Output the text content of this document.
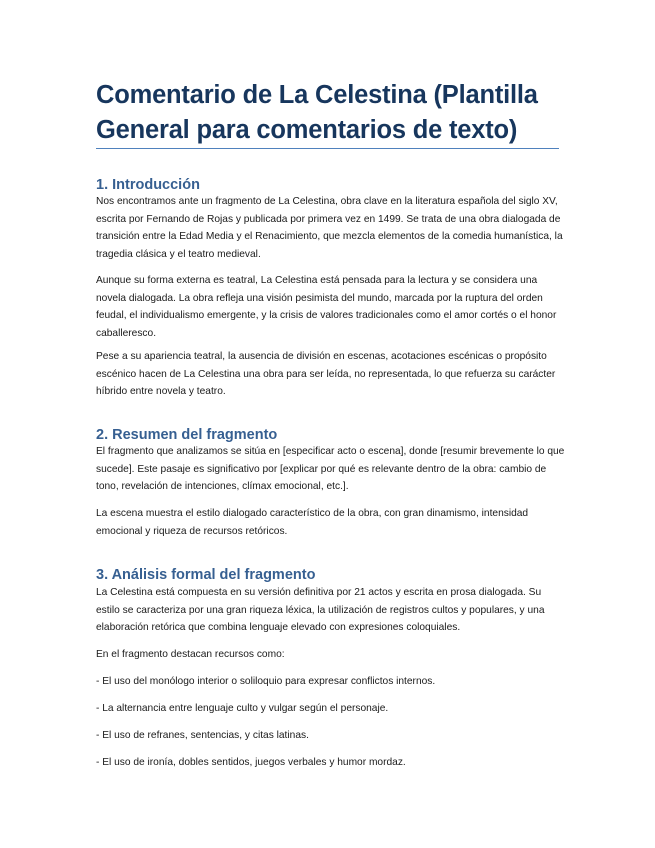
Comentario de La Celestina (Plantilla General para comentarios de texto)
1. Introducción

Nos encontramos ante un fragmento de La Celestina, obra clave en la literatura española del siglo XV, escrita por Fernando de Rojas y publicada por primera vez en 1499. Se trata de una obra dialogada de transición entre la Edad Media y el Renacimiento, que mezcla elementos de la comedia humanística, la tragedia clásica y el teatro medieval.

Aunque su forma externa es teatral, La Celestina está pensada para la lectura y se considera una novela dialogada. La obra refleja una visión pesimista del mundo, marcada por la ruptura del orden feudal, el individualismo emergente, y la crisis de valores tradicionales como el amor cortés o el honor caballeresco.

Pese a su apariencia teatral, la ausencia de división en escenas, acotaciones escénicas o propósito escénico hacen de La Celestina una obra para ser leída, no representada, lo que refuerza su carácter híbrido entre novela y teatro.

2. Resumen del fragmento

El fragmento que analizamos se sitúa en [especificar acto o escena], donde [resumir brevemente lo que sucede]. Este pasaje es significativo por [explicar por qué es relevante dentro de la obra: cambio de tono, revelación de intenciones, clímax emocional, etc.].

La escena muestra el estilo dialogado característico de la obra, con gran dinamismo, intensidad emocional y riqueza de recursos retóricos.

3. Análisis formal del fragmento

La Celestina está compuesta en su versión definitiva por 21 actos y escrita en prosa dialogada. Su estilo se caracteriza por una gran riqueza léxica, la utilización de registros cultos y populares, y una elaboración retórica que combina lenguaje elevado con expresiones coloquiales.

En el fragmento destacan recursos como:

- El uso del monólogo interior o soliloquio para expresar conflictos internos.

- La alternancia entre lenguaje culto y vulgar según el personaje.

- El uso de refranes, sentencias, y citas latinas.

- El uso de ironía, dobles sentidos, juegos verbales y humor mordaz.
